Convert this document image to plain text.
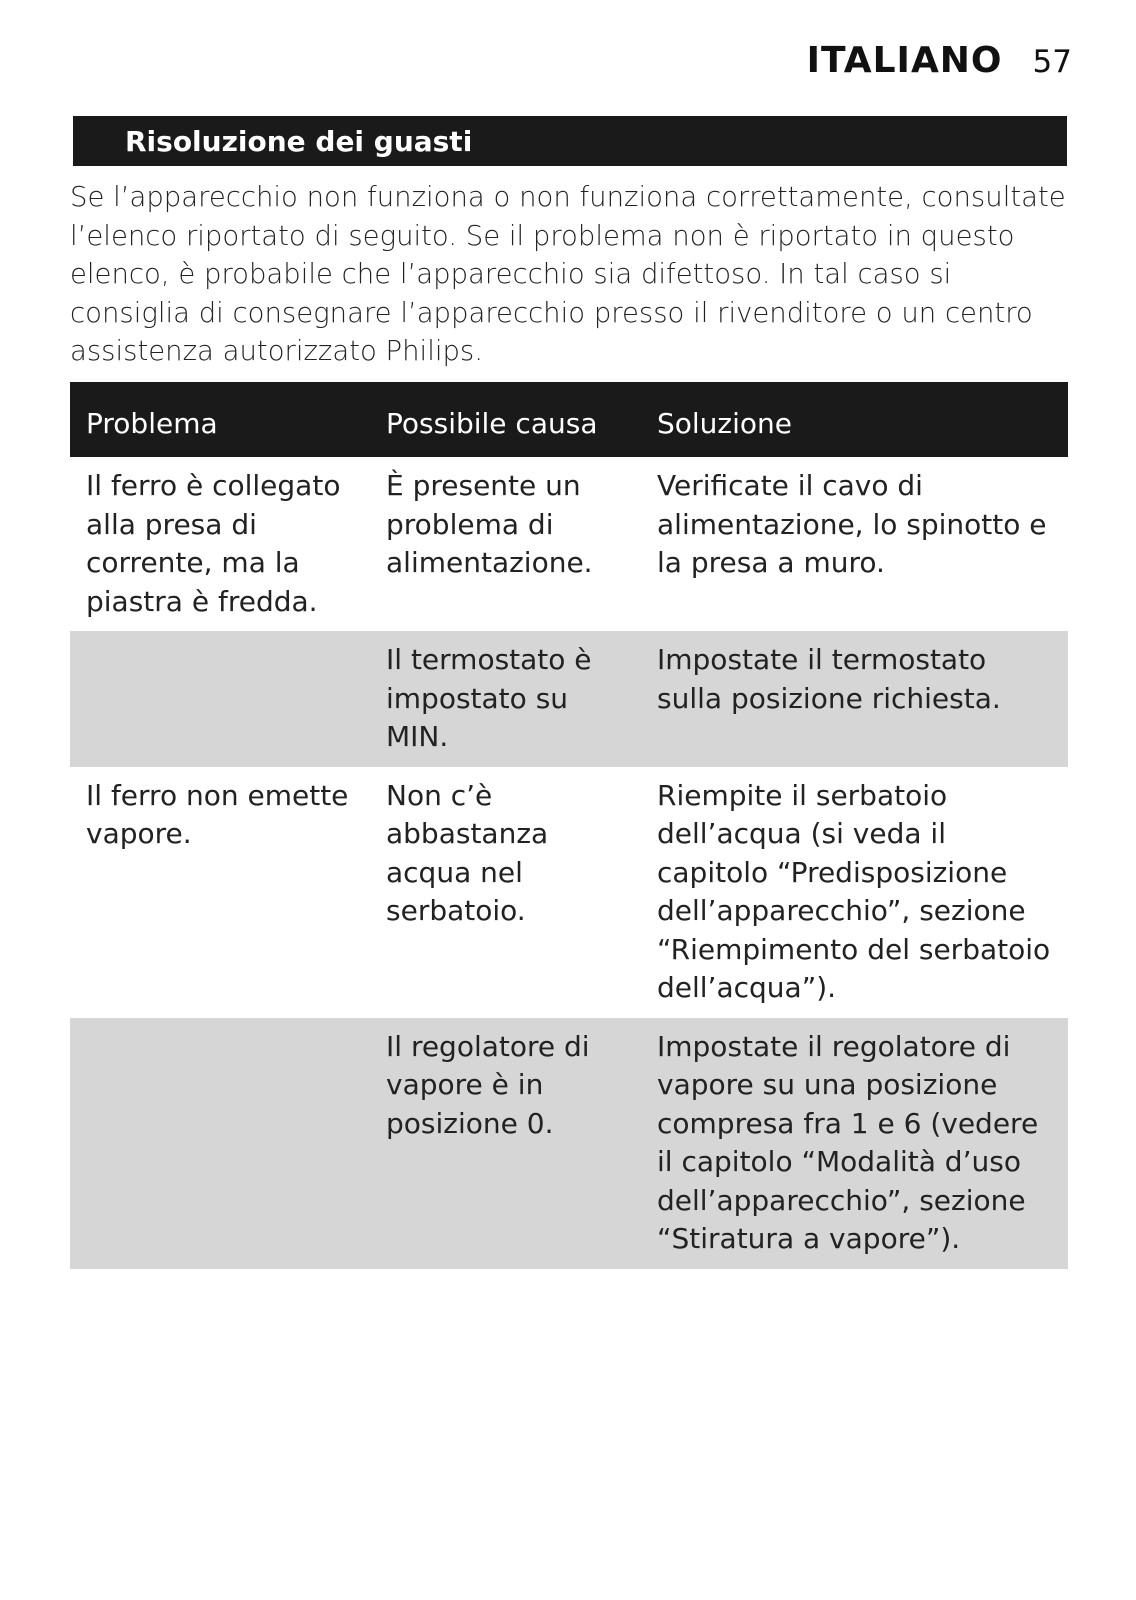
ITALIANO 57
Risoluzione dei guasti

Se l’apparecchio non funziona o non funziona correttamente, consultate l’elenco riportato di seguito. Se il problema non è riportato in questo elenco, è probabile che l’apparecchio sia difettoso. In tal caso si consiglia di consegnare l’apparecchio presso il rivenditore o un centro assistenza autorizzato Philips.

Problema	Possibile causa	Soluzione
Il ferro è collegato alla presa di corrente, ma la piastra è fredda.	È presente un problema di alimentazione.	Verificate il cavo di alimentazione, lo spinotto e la presa a muro.
	Il termostato è impostato su MIN.	Impostate il termostato sulla posizione richiesta.
Il ferro non emette vapore.	Non c’è abbastanza acqua nel serbatoio.	Riempite il serbatoio dell’acqua (si veda il capitolo “Predisposizione dell’apparecchio”, sezione “Riempimento del serbatoio dell’acqua”).
	Il regolatore di vapore è in posizione 0.	Impostate il regolatore di vapore su una posizione compresa fra 1 e 6 (vedere il capitolo “Modalità d’uso dell’apparecchio”, sezione “Stiratura a vapore”).
